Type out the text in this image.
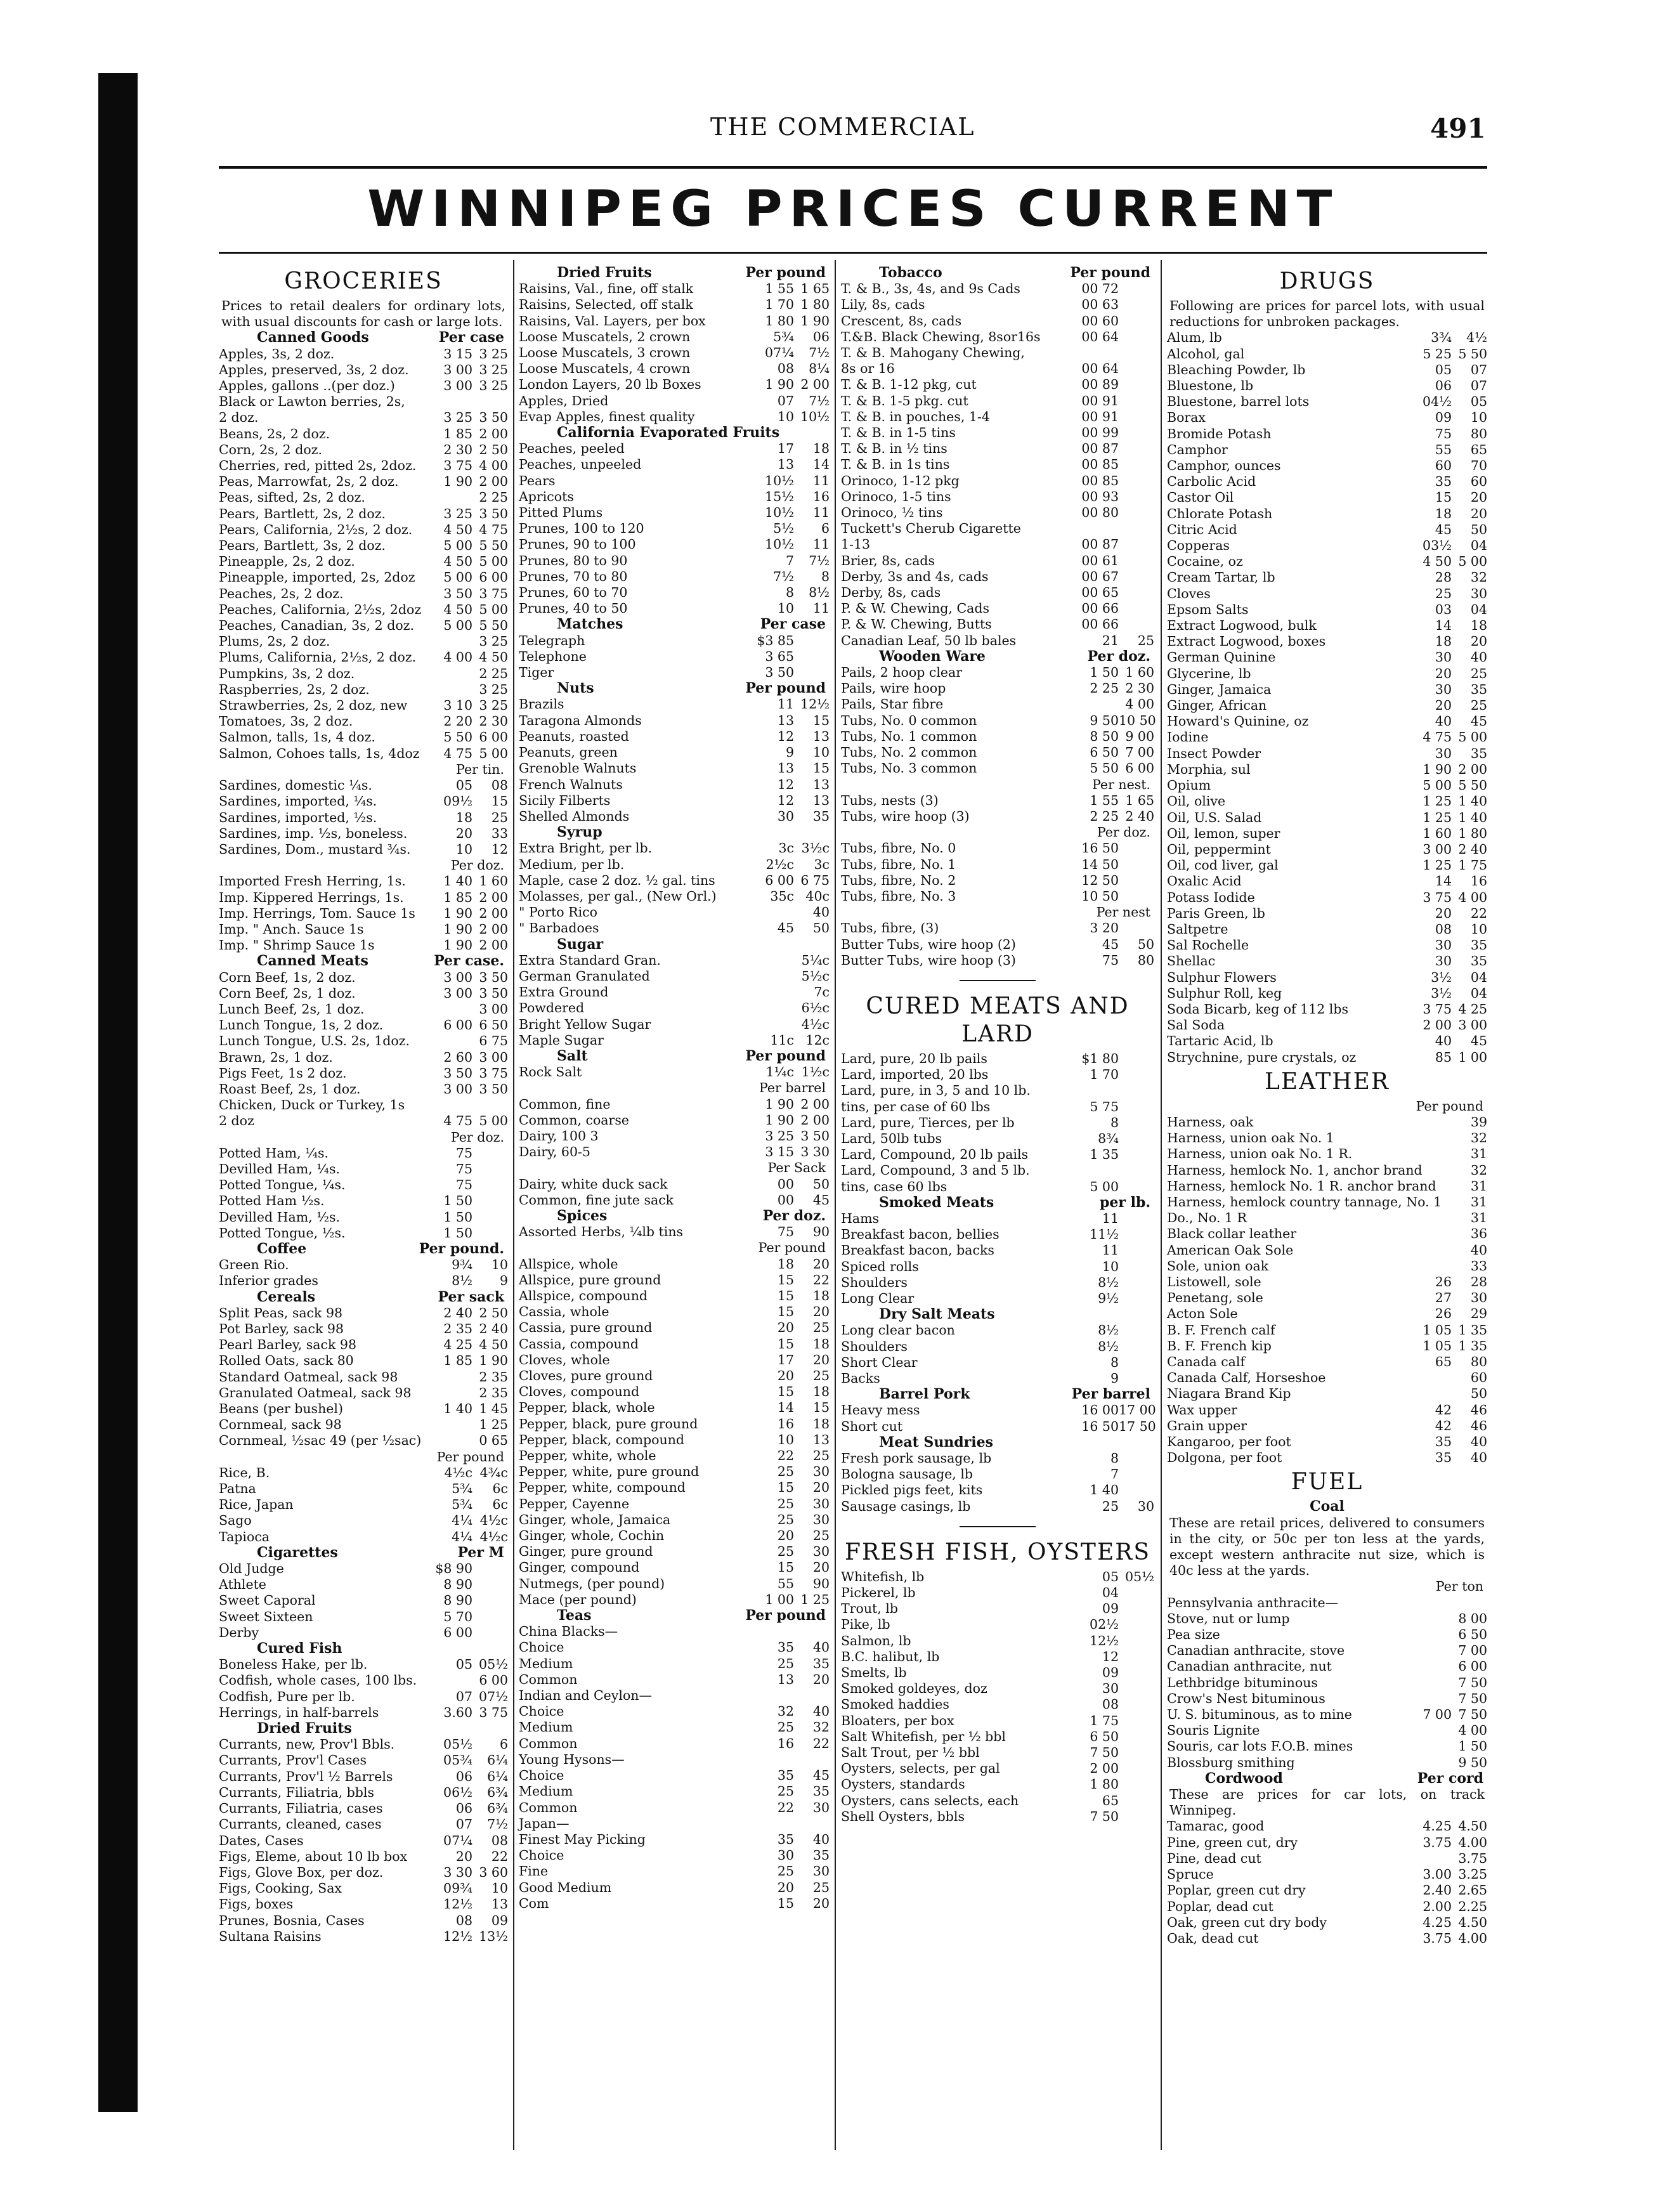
THE COMMERCIAL	491
WINNIPEG PRICES CURRENT
GROCERIES
Prices to retail dealers for ordinary lots, with usual discounts for cash or large lots.
Canned Goods	Per case
Apples, 3s, 2 doz.	3 15 3 25
Apples, preserved, 3s, 2 doz.	3 00 3 25
Apples, gallons ..(per doz.)	3 00 3 25
Black or Lawton berries, 2s,
2 doz.	3 25 3 50
Beans, 2s, 2 doz.	1 85 2 00
Corn, 2s, 2 doz.	2 30 2 50
Cherries, red, pitted 2s, 2doz.	3 75 4 00
Peas, Marrowfat, 2s, 2 doz.	1 90 2 00
Peas, sifted, 2s, 2 doz.	2 25
Pears, Bartlett, 2s, 2 doz.	3 25 3 50
Pears, California, 2½s, 2 doz.	4 50 4 75
Pears, Bartlett, 3s, 2 doz.	5 00 5 50
Pineapple, 2s, 2 doz.	4 50 5 00
Pineapple, imported, 2s, 2doz	5 00 6 00
Peaches, 2s, 2 doz.	3 50 3 75
Peaches, California, 2½s, 2doz	4 50 5 00
Peaches, Canadian, 3s, 2 doz.	5 00 5 50
Plums, 2s, 2 doz.	3 25
Plums, California, 2½s, 2 doz.	4 00 4 50
Pumpkins, 3s, 2 doz.	2 25
Raspberries, 2s, 2 doz.	3 25
Strawberries, 2s, 2 doz, new	3 10 3 25
Tomatoes, 3s, 2 doz.	2 20 2 30
Salmon, talls, 1s, 4 doz.	5 50 6 00
Salmon, Cohoes talls, 1s, 4doz	4 75 5 00
Per tin.
Sardines, domestic ¼s.	05	08
Sardines, imported, ¼s.	09½	15
Sardines, imported, ½s.	18	25
Sardines, imp. ½s, boneless.	20	33
Sardines, Dom., mustard ¾s.	10	12
Per doz.
Imported Fresh Herring, 1s.	1 40 1 60
Imp. Kippered Herrings, 1s.	1 85 2 00
Imp. Herrings, Tom. Sauce 1s	1 90 2 00
Imp. " Anch. Sauce 1s	1 90 2 00
Imp. " Shrimp Sauce 1s	1 90 2 00
Canned Meats	Per case.
Corn Beef, 1s, 2 doz.	3 00 3 50
Corn Beef, 2s, 1 doz.	3 00 3 50
Lunch Beef, 2s, 1 doz.	3 00
Lunch Tongue, 1s, 2 doz.	6 00 6 50
Lunch Tongue, U.S. 2s, 1doz.	6 75
Brawn, 2s, 1 doz.	2 60 3 00
Pigs Feet, 1s 2 doz.	3 50 3 75
Roast Beef, 2s, 1 doz.	3 00 3 50
Chicken, Duck or Turkey, 1s
2 doz	4 75 5 00
Per doz.
Potted Ham, ¼s.	75
Devilled Ham, ¼s.	75
Potted Tongue, ¼s.	75
Potted Ham ½s.	1 50
Devilled Ham, ½s.	1 50
Potted Tongue, ½s.	1 50
Coffee	Per pound.
Green Rio.	9¾	10
Inferior grades	8½	9
Cereals	Per sack
Split Peas, sack 98	2 40 2 50
Pot Barley, sack 98	2 35 2 40
Pearl Barley, sack 98	4 25 4 50
Rolled Oats, sack 80	1 85 1 90
Standard Oatmeal, sack 98	2 35
Granulated Oatmeal, sack 98	2 35
Beans (per bushel)	1 40 1 45
Cornmeal, sack 98	1 25
Cornmeal, ½sac 49 (per ½sac)	0 65
Per pound
Rice, B.	4½c 4¾c
Patna	5¾	6c
Rice, Japan	5¾	6c
Sago	4¼ 4½c
Tapioca	4¼ 4½c
Cigarettes	Per M
Old Judge	$8 90
Athlete	8 90
Sweet Caporal	8 90
Sweet Sixteen	5 70
Derby	6 00
Cured Fish
Boneless Hake, per lb.	05 05½
Codfish, whole cases, 100 lbs.	6 00
Codfish, Pure per lb.	07 07½
Herrings, in half-barrels	3.60 3 75
Dried Fruits
Currants, new, Prov'l Bbls.	05½	6
Currants, Prov'l Cases	05¾	6¼
Currants, Prov'l ½ Barrels	06	6¼
Currants, Filiatria, bbls	06½	6¾
Currants, Filiatria, cases	06	6¾
Currants, cleaned, cases	07	7½
Dates, Cases	07¼	08
Figs, Eleme, about 10 lb box	20	22
Figs, Glove Box, per doz.	3 30 3 60
Figs, Cooking, Sax	09¾	10
Figs, boxes	12½	13
Prunes, Bosnia, Cases	08	09
Sultana Raisins	12½ 13½
Dried Fruits	Per pound
Raisins, Val., fine, off stalk	1 55 1 65
Raisins, Selected, off stalk	1 70 1 80
Raisins, Val. Layers, per box	1 80 1 90
Loose Muscatels, 2 crown	5¾	06
Loose Muscatels, 3 crown	07¼	7½
Loose Muscatels, 4 crown	08	8¼
London Layers, 20 lb Boxes	1 90 2 00
Apples, Dried	07	7½
Evap Apples, finest quality	10 10½
California Evaporated Fruits
Peaches, peeled	17	18
Peaches, unpeeled	13	14
Pears	10½	11
Apricots	15½	16
Pitted Plums	10½	11
Prunes, 100 to 120	5½	6
Prunes, 90 to 100	10½	11
Prunes, 80 to 90	7	7½
Prunes, 70 to 80	7½	8
Prunes, 60 to 70	8	8½
Prunes, 40 to 50	10	11
Matches	Per case
Telegraph	$3 85
Telephone	3 65
Tiger	3 50
Nuts	Per pound
Brazils	11 12½
Taragona Almonds	13	15
Peanuts, roasted	12	13
Peanuts, green	9	10
Grenoble Walnuts	13	15
French Walnuts	12	13
Sicily Filberts	12	13
Shelled Almonds	30	35
Syrup
Extra Bright, per lb.	3c 3½c
Medium, per lb.	2½c	3c
Maple, case 2 doz. ½ gal. tins	6 00 6 75
Molasses, per gal., (New Orl.)	35c 40c
" Porto Rico	40
" Barbadoes	45	50
Sugar
Extra Standard Gran.	5¼c
German Granulated	5½c
Extra Ground	7c
Powdered	6½c
Bright Yellow Sugar	4½c
Maple Sugar	11c 12c
Salt	Per pound
Rock Salt	1¼c 1½c
Per barrel
Common, fine	1 90 2 00
Common, coarse	1 90 2 00
Dairy, 100 3	3 25 3 50
Dairy, 60-5	3 15 3 30
Per Sack
Dairy, white duck sack	00	50
Common, fine jute sack	00	45
Spices	Per doz.
Assorted Herbs, ¼lb tins	75	90
Per pound
Allspice, whole	18	20
Allspice, pure ground	15	22
Allspice, compound	15	18
Cassia, whole	15	20
Cassia, pure ground	20	25
Cassia, compound	15	18
Cloves, whole	17	20
Cloves, pure ground	20	25
Cloves, compound	15	18
Pepper, black, whole	14	15
Pepper, black, pure ground	16	18
Pepper, black, compound	10	13
Pepper, white, whole	22	25
Pepper, white, pure ground	25	30
Pepper, white, compound	15	20
Pepper, Cayenne	25	30
Ginger, whole, Jamaica	25	30
Ginger, whole, Cochin	20	25
Ginger, pure ground	25	30
Ginger, compound	15	20
Nutmegs, (per pound)	55	90
Mace (per pound)	1 00 1 25
Teas	Per pound
China Blacks—
Choice	35	40
Medium	25	35
Common	13	20
Indian and Ceylon—
Choice	32	40
Medium	25	32
Common	16	22
Young Hysons—
Choice	35	45
Medium	25	35
Common	22	30
Japan—
Finest May Picking	35	40
Choice	30	35
Fine	25	30
Good Medium	20	25
Com	15	20
Tobacco	Per pound
T. & B., 3s, 4s, and 9s Cads	00 72
Lily, 8s, cads	00 63
Crescent, 8s, cads	00 60
T.&B. Black Chewing, 8sor16s	00 64
T. & B. Mahogany Chewing,
8s or 16	00 64
T. & B. 1-12 pkg, cut	00 89
T. & B. 1-5 pkg. cut	00 91
T. & B. in pouches, 1-4	00 91
T. & B. in 1-5 tins	00 99
T. & B. in ½ tins	00 87
T. & B. in 1s tins	00 85
Orinoco, 1-12 pkg	00 85
Orinoco, 1-5 tins	00 93
Orinoco, ½ tins	00 80
Tuckett's Cherub Cigarette
1-13	00 87
Brier, 8s, cads	00 61
Derby, 3s and 4s, cads	00 67
Derby, 8s, cads	00 65
P. & W. Chewing, Cads	00 66
P. & W. Chewing, Butts	00 66
Canadian Leaf, 50 lb bales	21	25
Wooden Ware	Per doz.
Pails, 2 hoop clear	1 50 1 60
Pails, wire hoop	2 25 2 30
Pails, Star fibre	4 00
Tubs, No. 0 common	9 50 10 50
Tubs, No. 1 common	8 50 9 00
Tubs, No. 2 common	6 50 7 00
Tubs, No. 3 common	5 50 6 00
Per nest.
Tubs, nests (3)	1 55 1 65
Tubs, wire hoop (3)	2 25 2 40
Per doz.
Tubs, fibre, No. 0	16 50
Tubs, fibre, No. 1	14 50
Tubs, fibre, No. 2	12 50
Tubs, fibre, No. 3	10 50
Per nest
Tubs, fibre, (3)	3 20
Butter Tubs, wire hoop (2)	45	50
Butter Tubs, wire hoop (3)	75	80
CURED MEATS AND LARD
Lard, pure, 20 lb pails	$1 80
Lard, imported, 20 lbs	1 70
Lard, pure, in 3, 5 and 10 lb.
tins, per case of 60 lbs	5 75
Lard, pure, Tierces, per lb	8
Lard, 50lb tubs	8¾
Lard, Compound, 20 lb pails	1 35
Lard, Compound, 3 and 5 lb.
tins, case 60 lbs	5 00
Smoked Meats	per lb.
Hams	11
Breakfast bacon, bellies	11½
Breakfast bacon, backs	11
Spiced rolls	10
Shoulders	8½
Long Clear	9½
Dry Salt Meats
Long clear bacon	8½
Shoulders	8½
Short Clear	8
Backs	9
Barrel Pork	Per barrel
Heavy mess	16 00 17 00
Short cut	16 50 17 50
Meat Sundries
Fresh pork sausage, lb	8
Bologna sausage, lb	7
Pickled pigs feet, kits	1 40
Sausage casings, lb	25	30
FRESH FISH, OYSTERS
Whitefish, lb	05 05½
Pickerel, lb	04
Trout, lb	09
Pike, lb	02½
Salmon, lb	12½
B.C. halibut, lb	12
Smelts, lb	09
Smoked goldeyes, doz	30
Smoked haddies	08
Bloaters, per box	1 75
Salt Whitefish, per ½ bbl	6 50
Salt Trout, per ½ bbl	7 50
Oysters, selects, per gal	2 00
Oysters, standards	1 80
Oysters, cans selects, each	65
Shell Oysters, bbls	7 50
DRUGS
Following are prices for parcel lots, with usual reductions for unbroken packages.
Alum, lb	3¾	4½
Alcohol, gal	5 25 5 50
Bleaching Powder, lb	05	07
Bluestone, lb	06	07
Bluestone, barrel lots	04½	05
Borax	09	10
Bromide Potash	75	80
Camphor	55	65
Camphor, ounces	60	70
Carbolic Acid	35	60
Castor Oil	15	20
Chlorate Potash	18	20
Citric Acid	45	50
Copperas	03½	04
Cocaine, oz	4 50 5 00
Cream Tartar, lb	28	32
Cloves	25	30
Epsom Salts	03	04
Extract Logwood, bulk	14	18
Extract Logwood, boxes	18	20
German Quinine	30	40
Glycerine, lb	20	25
Ginger, Jamaica	30	35
Ginger, African	20	25
Howard's Quinine, oz	40	45
Iodine	4 75 5 00
Insect Powder	30	35
Morphia, sul	1 90 2 00
Opium	5 00 5 50
Oil, olive	1 25 1 40
Oil, U.S. Salad	1 25 1 40
Oil, lemon, super	1 60 1 80
Oil, peppermint	3 00 2 40
Oil, cod liver, gal	1 25 1 75
Oxalic Acid	14	16
Potass Iodide	3 75 4 00
Paris Green, lb	20	22
Saltpetre	08	10
Sal Rochelle	30	35
Shellac	30	35
Sulphur Flowers	3½	04
Sulphur Roll, keg	3½	04
Soda Bicarb, keg of 112 lbs	3 75 4 25
Sal Soda	2 00 3 00
Tartaric Acid, lb	40	45
Strychnine, pure crystals, oz	85 1 00
LEATHER
Per pound
Harness, oak	39
Harness, union oak No. 1	32
Harness, union oak No. 1 R.	31
Harness, hemlock No. 1, anchor brand	32
Harness, hemlock No. 1 R. anchor brand	31
Harness, hemlock country tannage, No. 1 31
Do., No. 1 R	31
Black collar leather	36
American Oak Sole	40
Sole, union oak	33
Listowell, sole	26	28
Penetang, sole	27	30
Acton Sole	26	29
B. F. French calf	1 05 1 35
B. F. French kip	1 05 1 35
Canada calf	65	80
Canada Calf, Horseshoe	60
Niagara Brand Kip	50
Wax upper	42	46
Grain upper	42	46
Kangaroo, per foot	35	40
Dolgona, per foot	35	40
FUEL
Coal
These are retail prices, delivered to consumers in the city, or 50c per ton less at the yards, except western anthracite nut size, which is 40c less at the yards.
Per ton
Pennsylvania anthracite—
Stove, nut or lump	8 00
Pea size	6 50
Canadian anthracite, stove	7 00
Canadian anthracite, nut	6 00
Lethbridge bituminous	7 50
Crow's Nest bituminous	7 50
U. S. bituminous, as to mine	7 00 7 50
Souris Lignite	4 00
Souris, car lots F.O.B. mines	1 50
Blossburg smithing	9 50
Cordwood	Per cord
These are prices for car lots, on track Winnipeg.
Tamarac, good	4.25 4.50
Pine, green cut, dry	3.75 4.00
Pine, dead cut	3.75
Spruce	3.00 3.25
Poplar, green cut dry	2.40 2.65
Poplar, dead cut	2.00 2.25
Oak, green cut dry body	4.25 4.50
Oak, dead cut	3.75 4.00
